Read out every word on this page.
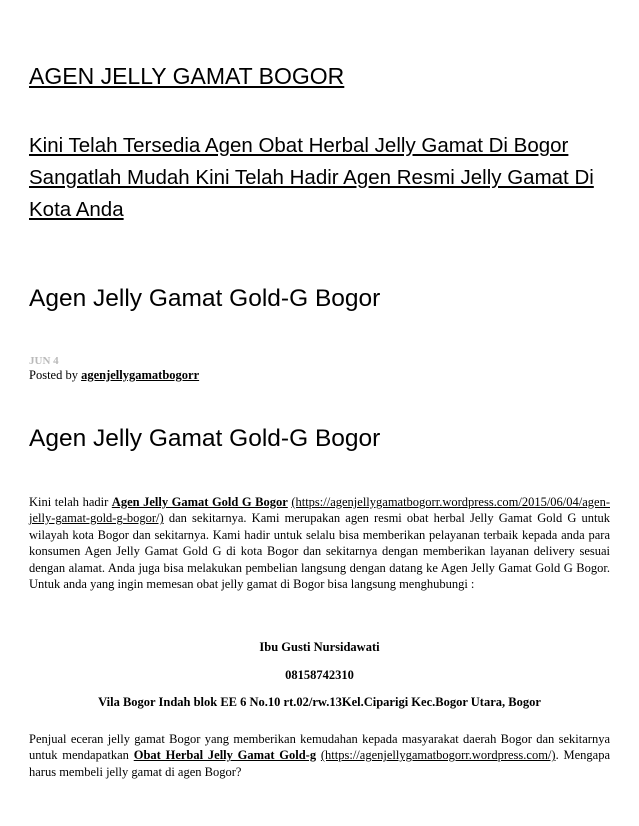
AGEN JELLY GAMAT BOGOR

Kini Telah Tersedia Agen Obat Herbal Jelly Gamat Di Bogor Sangatlah Mudah Kini Telah Hadir Agen Resmi Jelly Gamat Di Kota Anda

Agen Jelly Gamat Gold-G Bogor
JUN 4
Posted by agenjellygamatbogorr
Agen Jelly Gamat Gold-G Bogor

Kini telah hadir Agen Jelly Gamat Gold G Bogor (https://agenjellygamatbogorr.wordpress.com/2015/06/04/agen-jelly-gamat-gold-g-bogor/) dan sekitarnya. Kami merupakan agen resmi obat herbal Jelly Gamat Gold G untuk wilayah kota Bogor dan sekitarnya. Kami hadir untuk selalu bisa memberikan pelayanan terbaik kepada anda para konsumen Agen Jelly Gamat Gold G di kota Bogor dan sekitarnya dengan memberikan layanan delivery sesuai dengan alamat. Anda juga bisa melakukan pembelian langsung dengan datang ke Agen Jelly Gamat Gold G Bogor. Untuk anda yang ingin memesan obat jelly gamat di Bogor bisa langsung menghubungi :

Ibu Gusti Nursidawati

08158742310

Vila Bogor Indah blok EE 6 No.10 rt.02/rw.13Kel.Ciparigi Kec.Bogor Utara, Bogor

Penjual eceran jelly gamat Bogor yang memberikan kemudahan kepada masyarakat daerah Bogor dan sekitarnya untuk mendapatkan Obat Herbal Jelly Gamat Gold-g (https://agenjellygamatbogorr.wordpress.com/). Mengapa harus membeli jelly gamat di agen Bogor?
